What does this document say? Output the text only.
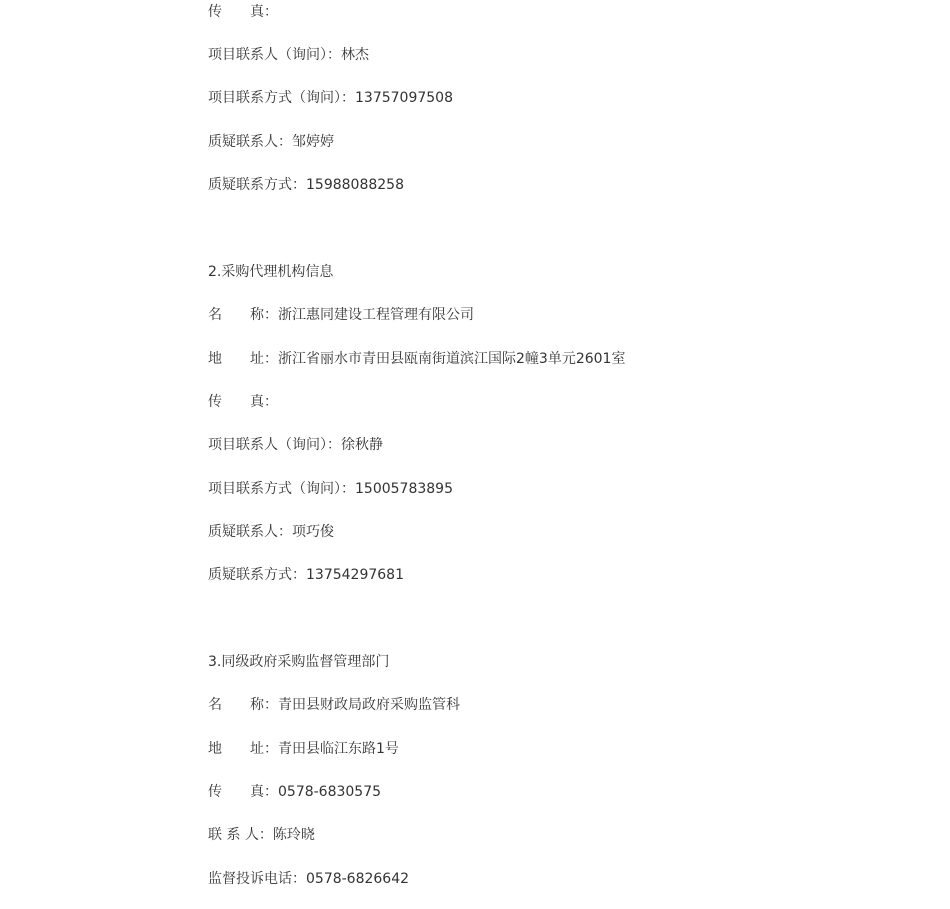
传　　真：
项目联系人（询问）：林杰
项目联系方式（询问）：13757097508
质疑联系人：邹婷婷
质疑联系方式：15988088258
2.采购代理机构信息
名　　称：浙江惠同建设工程管理有限公司
地　　址：浙江省丽水市青田县瓯南街道滨江国际2幢3单元2601室
传　　真：
项目联系人（询问）：徐秋静
项目联系方式（询问）：15005783895
质疑联系人：项巧俊
质疑联系方式：13754297681
3.同级政府采购监督管理部门
名　　称：青田县财政局政府采购监管科
地　　址：青田县临江东路1号
传　　真：0578-6830575
联 系 人：陈玲晓
监督投诉电话：0578-6826642
